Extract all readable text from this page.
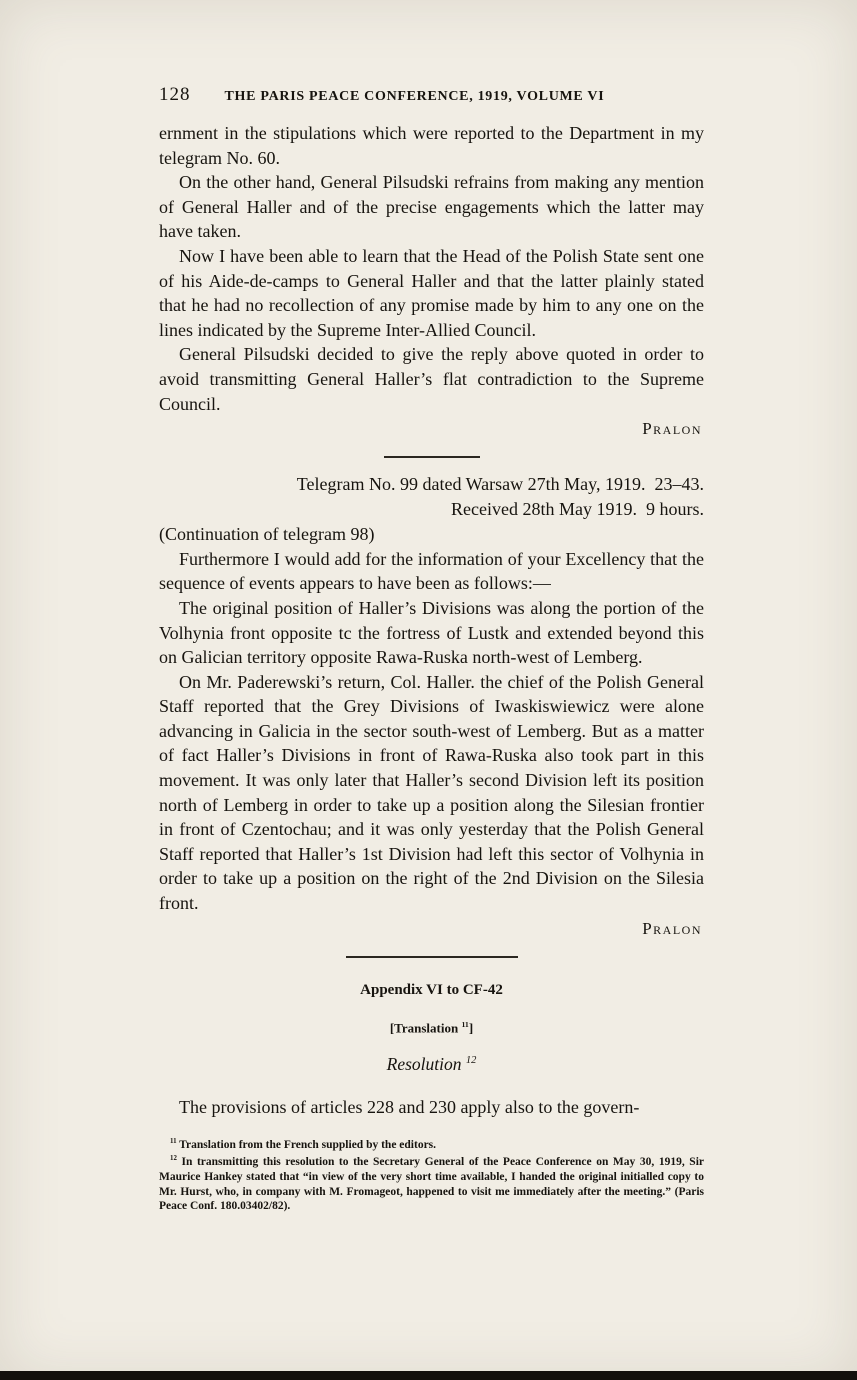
128 THE PARIS PEACE CONFERENCE, 1919, VOLUME VI

ernment in the stipulations which were reported to the Department in my telegram No. 60.

On the other hand, General Pilsudski refrains from making any mention of General Haller and of the precise engagements which the latter may have taken.

Now I have been able to learn that the Head of the Polish State sent one of his Aide-de-camps to General Haller and that the latter plainly stated that he had no recollection of any promise made by him to any one on the lines indicated by the Supreme Inter-Allied Council.

General Pilsudski decided to give the reply above quoted in order to avoid transmitting General Haller’s flat contradiction to the Supreme Council.

Pralon
Telegram No. 99 dated Warsaw 27th May, 1919.  23–43.
Received 28th May 1919.  9 hours.

(Continuation of telegram 98)

Furthermore I would add for the information of your Excellency that the sequence of events appears to have been as follows:—

The original position of Haller’s Divisions was along the portion of the Volhynia front opposite tc the fortress of Lustk and extended beyond this on Galician territory opposite Rawa-Ruska north-west of Lemberg.

On Mr. Paderewski’s return, Col. Haller. the chief of the Polish General Staff reported that the Grey Divisions of Iwaskiswiewicz were alone advancing in Galicia in the sector south-west of Lemberg. But as a matter of fact Haller’s Divisions in front of Rawa-Ruska also took part in this movement. It was only later that Haller’s second Division left its position north of Lemberg in order to take up a position along the Silesian frontier in front of Czentochau; and it was only yesterday that the Polish General Staff reported that Haller’s 1st Division had left this sector of Volhynia in order to take up a position on the right of the 2nd Division on the Silesia front.

Pralon
Appendix VI to CF-42
[Translation $^{11}$]
Resolution $^{12}$

The provisions of articles 228 and 230 apply also to the govern-

$^{11}$ Translation from the French supplied by the editors.
$^{12}$ In transmitting this resolution to the Secretary General of the Peace Conference on May 30, 1919, Sir Maurice Hankey stated that “in view of the very short time available, I handed the original initialled copy to Mr. Hurst, who, in company with M. Fromageot, happened to visit me immediately after the meeting.” (Paris Peace Conf. 180.03402/82).
